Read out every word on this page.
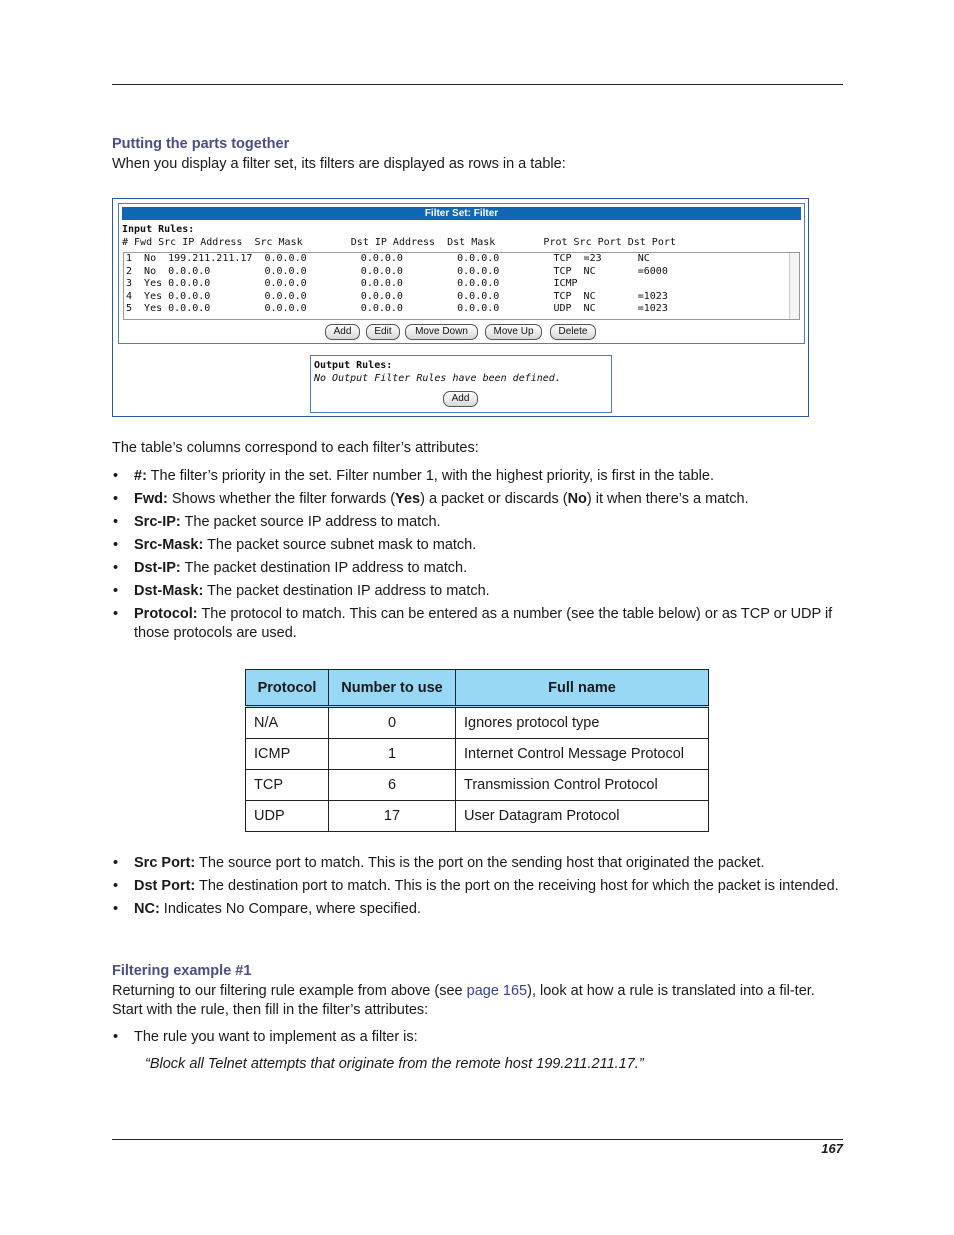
Putting the parts together
When you display a filter set, its filters are displayed as rows in a table:
Filter Set: Filter
Input Rules:
# Fwd Src IP Address  Src Mask        Dst IP Address  Dst Mask        Prot Src Port Dst Port
1  No  199.211.211.17  0.0.0.0         0.0.0.0         0.0.0.0         TCP  =23      NC
2  No  0.0.0.0         0.0.0.0         0.0.0.0         0.0.0.0         TCP  NC       =6000
3  Yes 0.0.0.0         0.0.0.0         0.0.0.0         0.0.0.0         ICMP
4  Yes 0.0.0.0         0.0.0.0         0.0.0.0         0.0.0.0         TCP  NC       =1023
5  Yes 0.0.0.0         0.0.0.0         0.0.0.0         0.0.0.0         UDP  NC       =1023
Add	Edit	Move Down	Move Up	Delete
Output Rules:
No Output Filter Rules have been defined.
Add
The table’s columns correspond to each filter’s attributes:
• #: The filter’s priority in the set. Filter number 1, with the highest priority, is first in the table.
• Fwd: Shows whether the filter forwards (Yes) a packet or discards (No) it when there’s a match.
• Src-IP: The packet source IP address to match.
• Src-Mask: The packet source subnet mask to match.
• Dst-IP: The packet destination IP address to match.
• Dst-Mask: The packet destination IP address to match.
• Protocol: The protocol to match. This can be entered as a number (see the table below) or as TCP or UDP if those protocols are used.
Protocol	Number to use	Full name
N/A	0	Ignores protocol type
ICMP	1	Internet Control Message Protocol
TCP	6	Transmission Control Protocol
UDP	17	User Datagram Protocol
• Src Port: The source port to match. This is the port on the sending host that originated the packet.
• Dst Port: The destination port to match. This is the port on the receiving host for which the packet is intended.
• NC: Indicates No Compare, where specified.
Filtering example #1
Returning to our filtering rule example from above (see page 165), look at how a rule is translated into a fil-ter. Start with the rule, then fill in the filter’s attributes:
• The rule you want to implement as a filter is:
“Block all Telnet attempts that originate from the remote host 199.211.211.17.”
167
